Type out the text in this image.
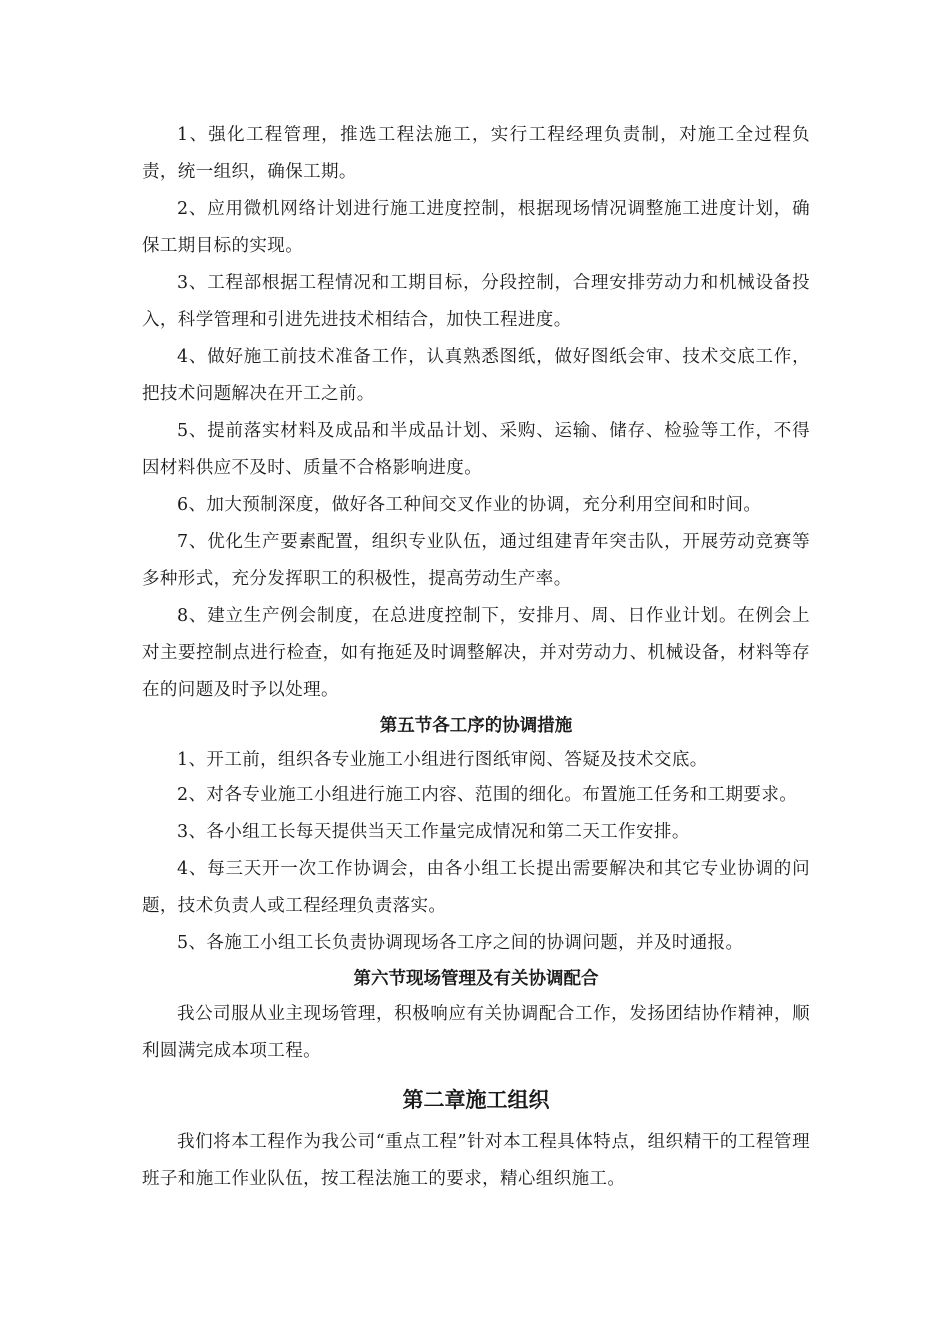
1、强化工程管理，推选工程法施工，实行工程经理负责制，对施工全过程负责，统一组织，确保工期。

2、应用微机网络计划进行施工进度控制，根据现场情况调整施工进度计划，确保工期目标的实现。

3、工程部根据工程情况和工期目标，分段控制，合理安排劳动力和机械设备投入，科学管理和引进先进技术相结合，加快工程进度。

4、做好施工前技术准备工作，认真熟悉图纸，做好图纸会审、技术交底工作，把技术问题解决在开工之前。

5、提前落实材料及成品和半成品计划、采购、运输、储存、检验等工作，不得因材料供应不及时、质量不合格影响进度。

6、加大预制深度，做好各工种间交叉作业的协调，充分利用空间和时间。

7、优化生产要素配置，组织专业队伍，通过组建青年突击队，开展劳动竞赛等多种形式，充分发挥职工的积极性，提高劳动生产率。

8、建立生产例会制度，在总进度控制下，安排月、周、日作业计划。在例会上对主要控制点进行检查，如有拖延及时调整解决，并对劳动力、机械设备，材料等存在的问题及时予以处理。

第五节各工序的协调措施

1、开工前，组织各专业施工小组进行图纸审阅、答疑及技术交底。

2、对各专业施工小组进行施工内容、范围的细化。布置施工任务和工期要求。

3、各小组工长每天提供当天工作量完成情况和第二天工作安排。

4、每三天开一次工作协调会，由各小组工长提出需要解决和其它专业协调的问题，技术负责人或工程经理负责落实。

5、各施工小组工长负责协调现场各工序之间的协调问题，并及时通报。

第六节现场管理及有关协调配合

我公司服从业主现场管理，积极响应有关协调配合工作，发扬团结协作精神，顺利圆满完成本项工程。

第二章施工组织

我们将本工程作为我公司“重点工程”针对本工程具体特点，组织精干的工程管理班子和施工作业队伍，按工程法施工的要求，精心组织施工。
